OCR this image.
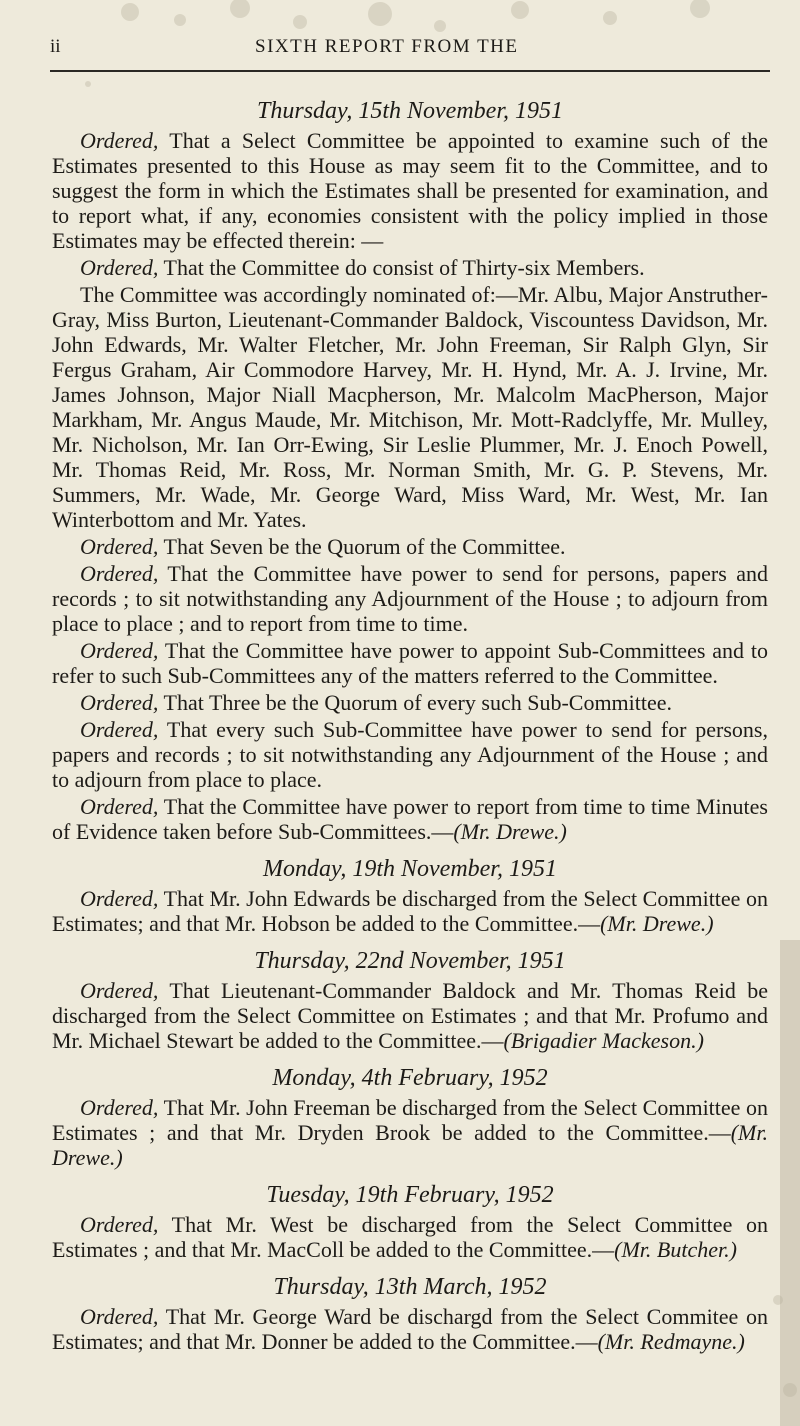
ii	SIXTH REPORT FROM THE
Thursday, 15th November, 1951

Ordered, That a Select Committee be appointed to examine such of the Estimates presented to this House as may seem fit to the Committee, and to suggest the form in which the Estimates shall be presented for examination, and to report what, if any, economies consistent with the policy implied in those Estimates may be effected therein: —

Ordered, That the Committee do consist of Thirty-six Members.

The Committee was accordingly nominated of:—Mr. Albu, Major Anstruther-Gray, Miss Burton, Lieutenant-Commander Baldock, Viscountess Davidson, Mr. John Edwards, Mr. Walter Fletcher, Mr. John Freeman, Sir Ralph Glyn, Sir Fergus Graham, Air Commodore Harvey, Mr. H. Hynd, Mr. A. J. Irvine, Mr. James Johnson, Major Niall Macpherson, Mr. Malcolm MacPherson, Major Markham, Mr. Angus Maude, Mr. Mitchison, Mr. Mott-Radclyffe, Mr. Mulley, Mr. Nicholson, Mr. Ian Orr-Ewing, Sir Leslie Plummer, Mr. J. Enoch Powell, Mr. Thomas Reid, Mr. Ross, Mr. Norman Smith, Mr. G. P. Stevens, Mr. Summers, Mr. Wade, Mr. George Ward, Miss Ward, Mr. West, Mr. Ian Winterbottom and Mr. Yates.

Ordered, That Seven be the Quorum of the Committee.

Ordered, That the Committee have power to send for persons, papers and records ; to sit notwithstanding any Adjournment of the House ; to adjourn from place to place ; and to report from time to time.

Ordered, That the Committee have power to appoint Sub-Committees and to refer to such Sub-Committees any of the matters referred to the Committee.

Ordered, That Three be the Quorum of every such Sub-Committee.

Ordered, That every such Sub-Committee have power to send for persons, papers and records ; to sit notwithstanding any Adjournment of the House ; and to adjourn from place to place.

Ordered, That the Committee have power to report from time to time Minutes of Evidence taken before Sub-Committees.—(Mr. Drewe.)

Monday, 19th November, 1951

Ordered, That Mr. John Edwards be discharged from the Select Committee on Estimates; and that Mr. Hobson be added to the Committee.—(Mr. Drewe.)

Thursday, 22nd November, 1951

Ordered, That Lieutenant-Commander Baldock and Mr. Thomas Reid be discharged from the Select Committee on Estimates ; and that Mr. Profumo and Mr. Michael Stewart be added to the Committee.—(Brigadier Mackeson.)

Monday, 4th February, 1952

Ordered, That Mr. John Freeman be discharged from the Select Committee on Estimates ; and that Mr. Dryden Brook be added to the Committee.—(Mr. Drewe.)

Tuesday, 19th February, 1952

Ordered, That Mr. West be discharged from the Select Committee on Estimates ; and that Mr. MacColl be added to the Committee.—(Mr. Butcher.)

Thursday, 13th March, 1952

Ordered, That Mr. George Ward be dischargd from the Select Commitee on Estimates; and that Mr. Donner be added to the Committee.—(Mr. Redmayne.)
